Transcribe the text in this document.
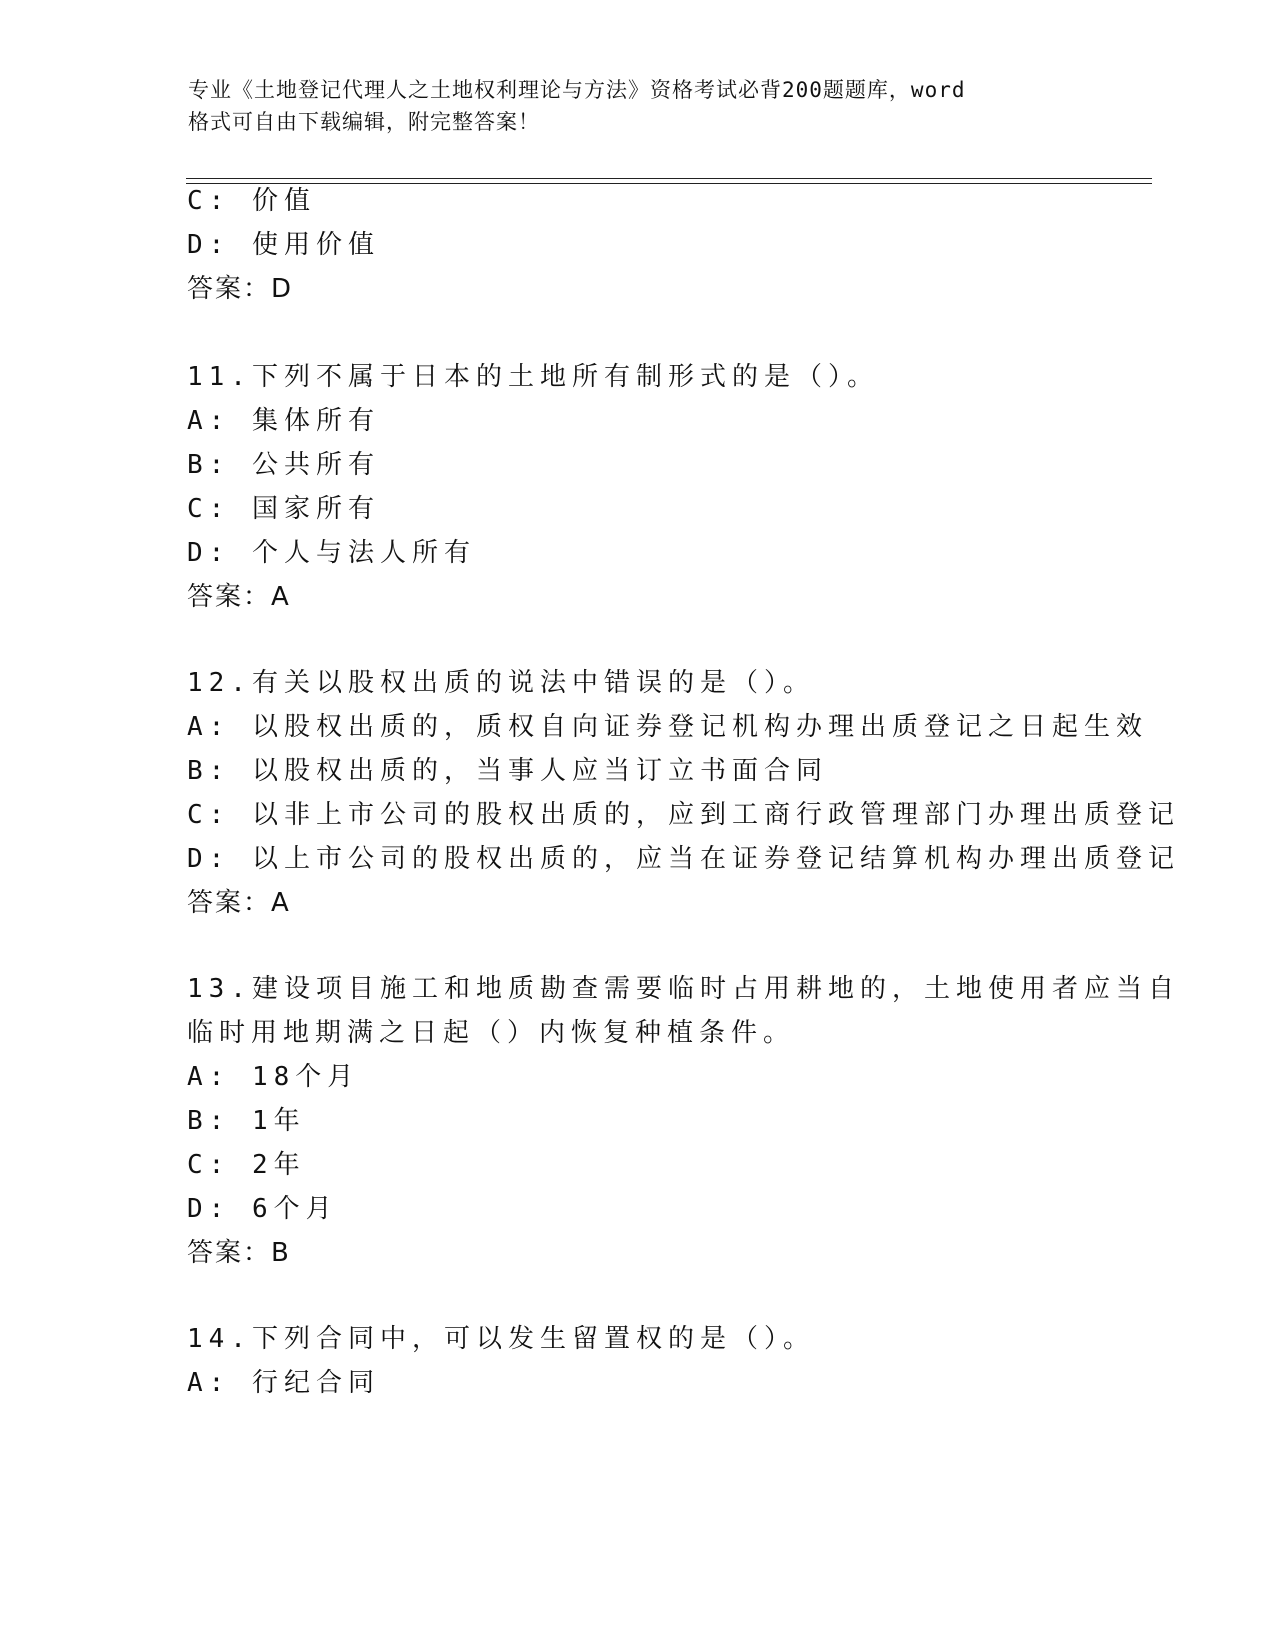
专业《土地登记代理人之土地权利理论与方法》资格考试必背200题题库，word
格式可自由下载编辑，附完整答案！
C: 价值
D: 使用价值
答案：D
11.下列不属于日本的土地所有制形式的是（）。
A: 集体所有
B: 公共所有
C: 国家所有
D: 个人与法人所有
答案：A
12.有关以股权出质的说法中错误的是（）。
A: 以股权出质的，质权自向证券登记机构办理出质登记之日起生效
B: 以股权出质的，当事人应当订立书面合同
C: 以非上市公司的股权出质的，应到工商行政管理部门办理出质登记
D: 以上市公司的股权出质的，应当在证券登记结算机构办理出质登记
答案：A
13.建设项目施工和地质勘查需要临时占用耕地的，土地使用者应当自
临时用地期满之日起（）内恢复种植条件。
A: 18个月
B: 1年
C: 2年
D: 6个月
答案：B
14.下列合同中，可以发生留置权的是（）。
A: 行纪合同
